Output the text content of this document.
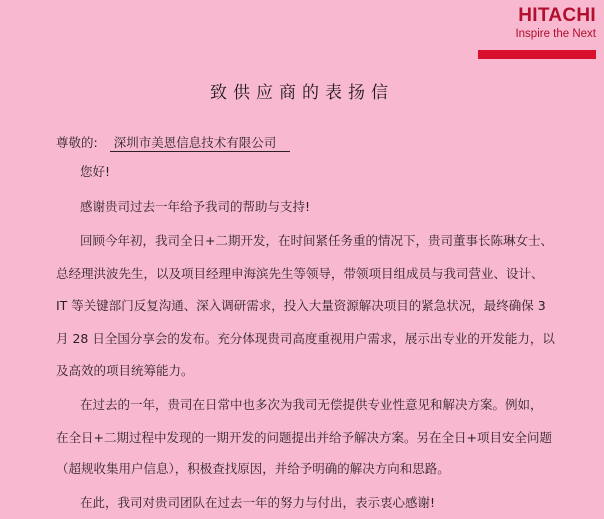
HITACHI
Inspire the Next
致供应商的表扬信
尊敬的: 深圳市美恩信息技术有限公司
您好!
感谢贵司过去一年给予我司的帮助与支持!
回顾今年初，我司全日+二期开发，在时间紧任务重的情况下，贵司董事长陈琳女士、
总经理洪波先生，以及项目经理申海滨先生等领导，带领项目组成员与我司营业、设计、
IT 等关键部门反复沟通、深入调研需求，投入大量资源解决项目的紧急状况，最终确保 3
月 28 日全国分享会的发布。充分体现贵司高度重视用户需求，展示出专业的开发能力，以
及高效的项目统筹能力。
在过去的一年，贵司在日常中也多次为我司无偿提供专业性意见和解决方案。例如，
在全日+二期过程中发现的一期开发的问题提出并给予解决方案。另在全日+项目安全问题
（超规收集用户信息），积极查找原因，并给予明确的解决方向和思路。
在此，我司对贵司团队在过去一年的努力与付出，表示衷心感谢!
